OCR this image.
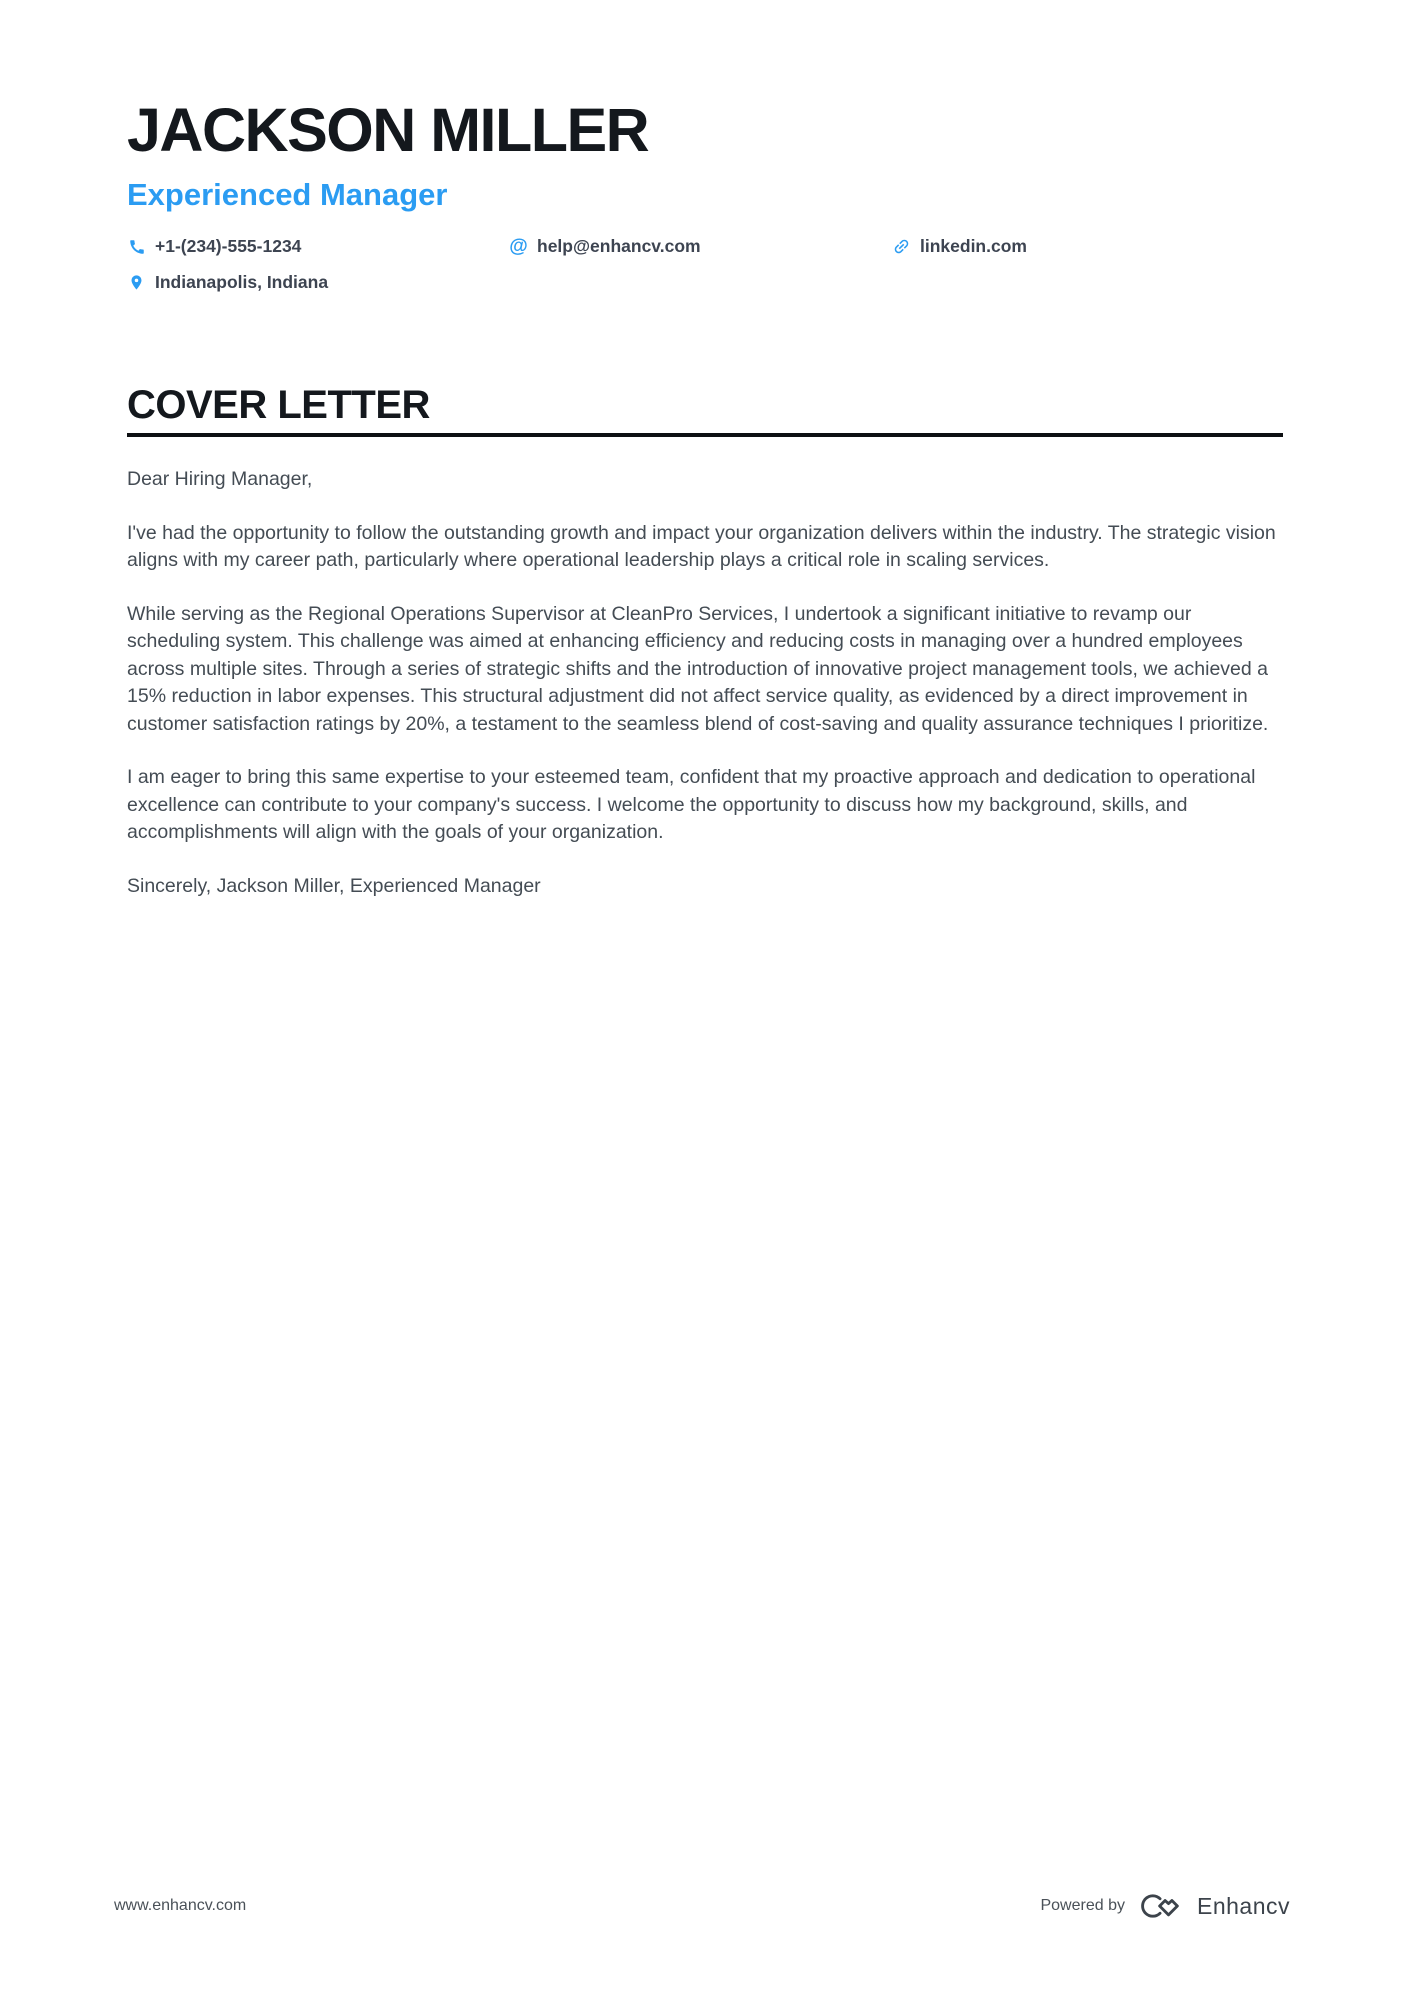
JACKSON MILLER
Experienced Manager
+1-(234)-555-1234	@ help@enhancv.com	linkedin.com
Indianapolis, Indiana
COVER LETTER

Dear Hiring Manager,

I've had the opportunity to follow the outstanding growth and impact your organization delivers within the industry. The strategic vision aligns with my career path, particularly where operational leadership plays a critical role in scaling services.

While serving as the Regional Operations Supervisor at CleanPro Services, I undertook a significant initiative to revamp our scheduling system. This challenge was aimed at enhancing efficiency and reducing costs in managing over a hundred employees across multiple sites. Through a series of strategic shifts and the introduction of innovative project management tools, we achieved a 15% reduction in labor expenses. This structural adjustment did not affect service quality, as evidenced by a direct improvement in customer satisfaction ratings by 20%, a testament to the seamless blend of cost-saving and quality assurance techniques I prioritize.

I am eager to bring this same expertise to your esteemed team, confident that my proactive approach and dedication to operational excellence can contribute to your company's success. I welcome the opportunity to discuss how my background, skills, and accomplishments will align with the goals of your organization.

Sincerely, Jackson Miller, Experienced Manager

www.enhancv.com	Powered by	Enhancv
